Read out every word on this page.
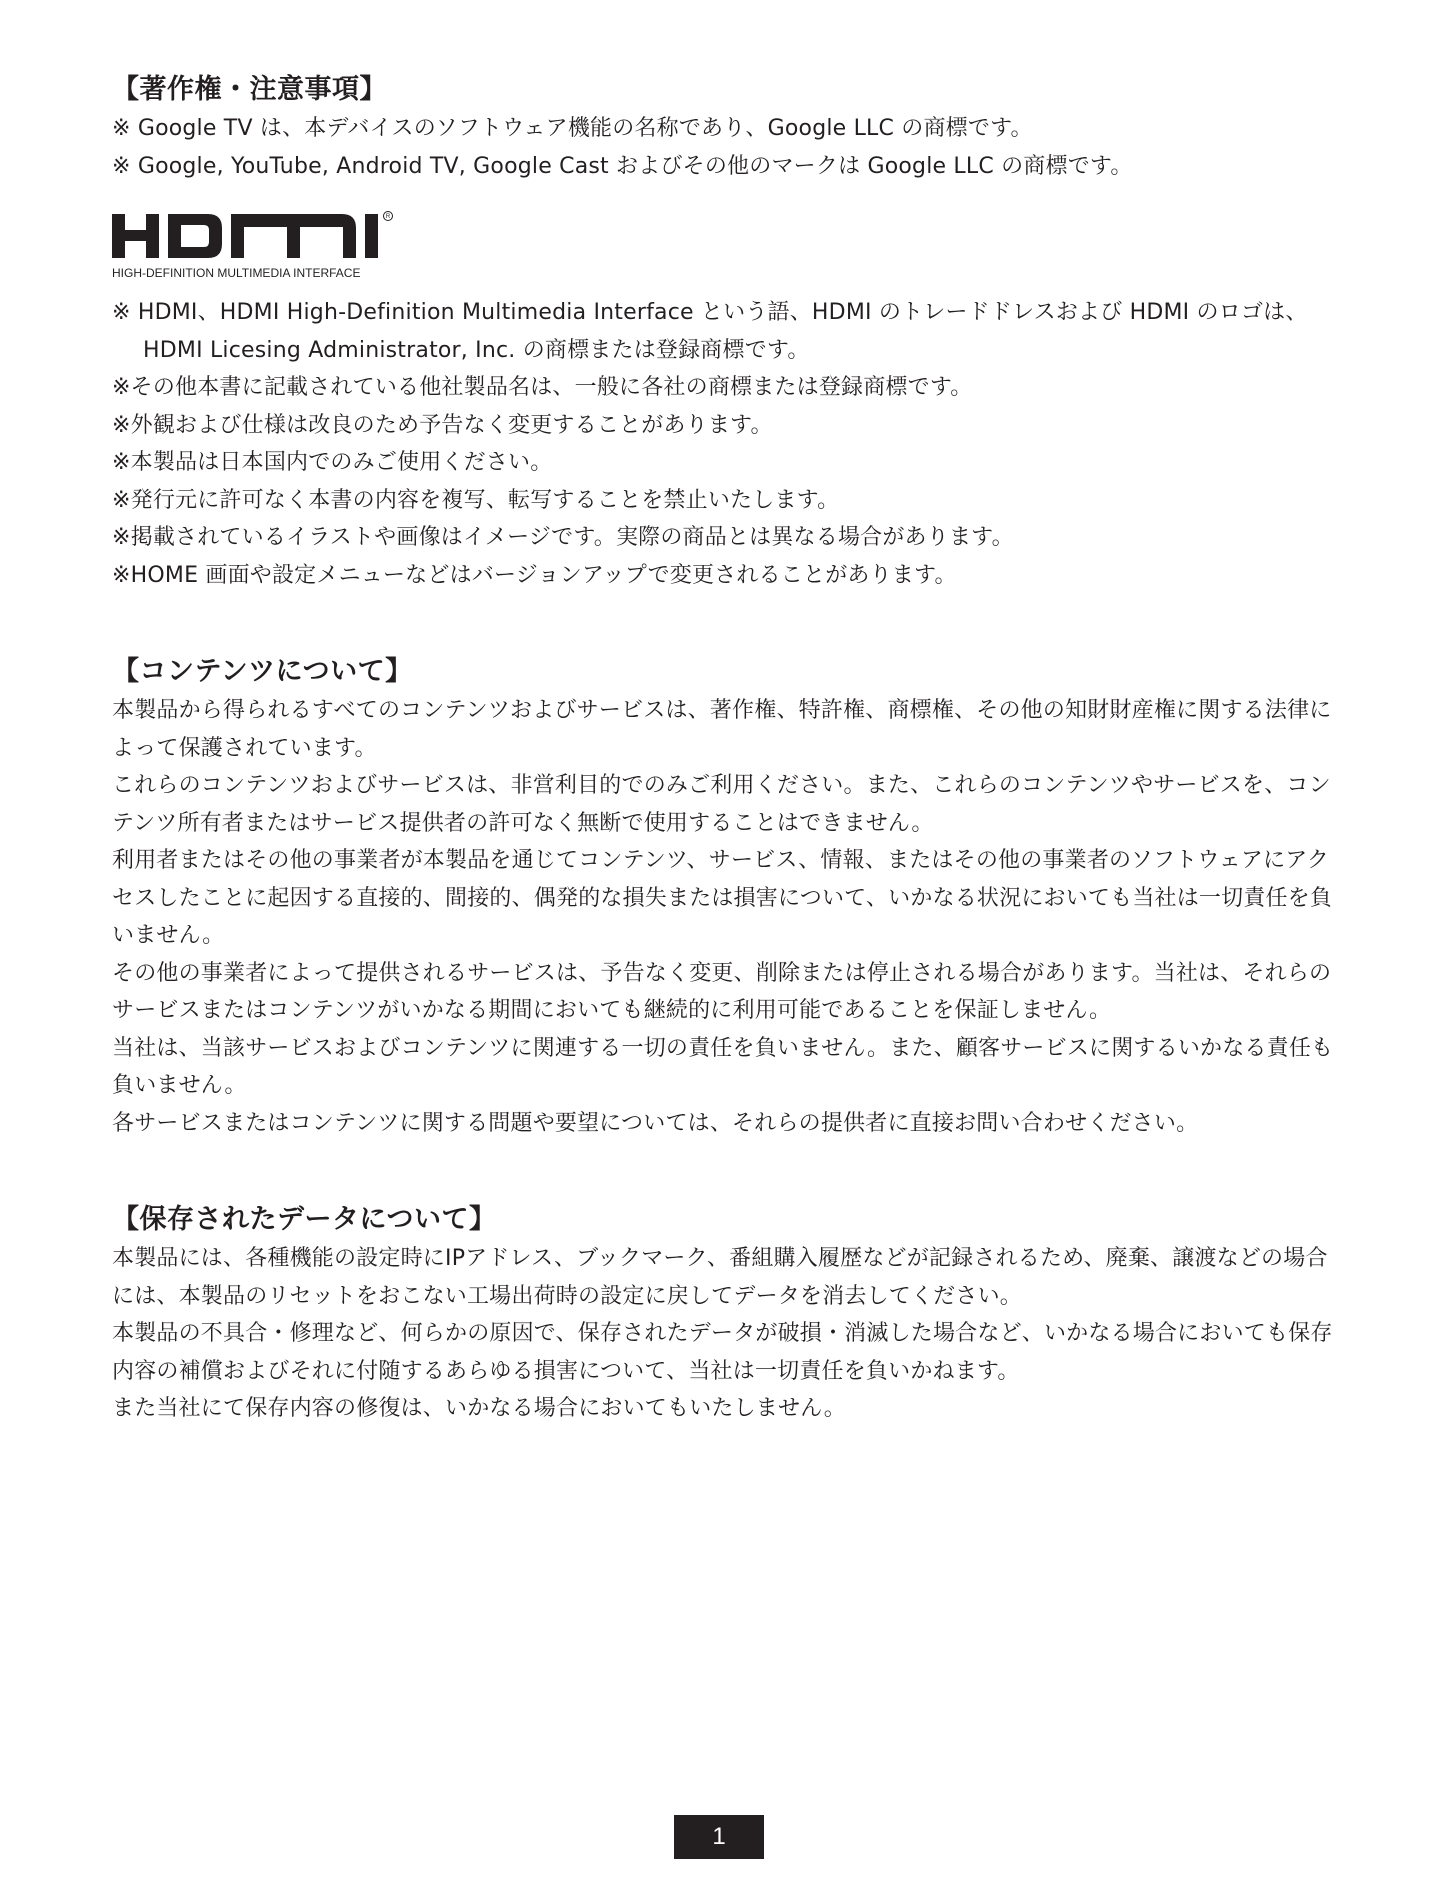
【著作権・注意事項】

※ Google TV は、本デバイスのソフトウェア機能の名称であり、Google LLC の商標です。

※ Google, YouTube, Android TV, Google Cast およびその他のマークは Google LLC の商標です。

R
HIGH-DEFINITION MULTIMEDIA INTERFACE

※ HDMI、HDMI High-Definition Multimedia Interface という語、HDMI のトレードドレスおよび HDMI のロゴは、

HDMI Licesing Administrator, Inc. の商標または登録商標です。

※その他本書に記載されている他社製品名は、一般に各社の商標または登録商標です。

※外観および仕様は改良のため予告なく変更することがあります。

※本製品は日本国内でのみご使用ください。

※発行元に許可なく本書の内容を複写、転写することを禁止いたします。

※掲載されているイラストや画像はイメージです。実際の商品とは異なる場合があります。

※HOME 画面や設定メニューなどはバージョンアップで変更されることがあります。

【コンテンツについて】

本製品から得られるすべてのコンテンツおよびサービスは、著作権、特許権、商標権、その他の知財財産権に関する法律によって保護されています。

これらのコンテンツおよびサービスは、非営利目的でのみご利用ください。また、これらのコンテンツやサービスを、コンテンツ所有者またはサービス提供者の許可なく無断で使用することはできません。

利用者またはその他の事業者が本製品を通じてコンテンツ、サービス、情報、またはその他の事業者のソフトウェアにアクセスしたことに起因する直接的、間接的、偶発的な損失または損害について、いかなる状況においても当社は一切責任を負いません。

その他の事業者によって提供されるサービスは、予告なく変更、削除または停止される場合があります。当社は、それらのサービスまたはコンテンツがいかなる期間においても継続的に利用可能であることを保証しません。

当社は、当該サービスおよびコンテンツに関連する一切の責任を負いません。また、顧客サービスに関するいかなる責任も負いません。

各サービスまたはコンテンツに関する問題や要望については、それらの提供者に直接お問い合わせください。

【保存されたデータについて】

本製品には、各種機能の設定時にIPアドレス、ブックマーク、番組購入履歴などが記録されるため、廃棄、譲渡などの場合には、本製品のリセットをおこない工場出荷時の設定に戻してデータを消去してください。

本製品の不具合・修理など、何らかの原因で、保存されたデータが破損・消滅した場合など、いかなる場合においても保存内容の補償およびそれに付随するあらゆる損害について、当社は一切責任を負いかねます。

また当社にて保存内容の修復は、いかなる場合においてもいたしません。

1
